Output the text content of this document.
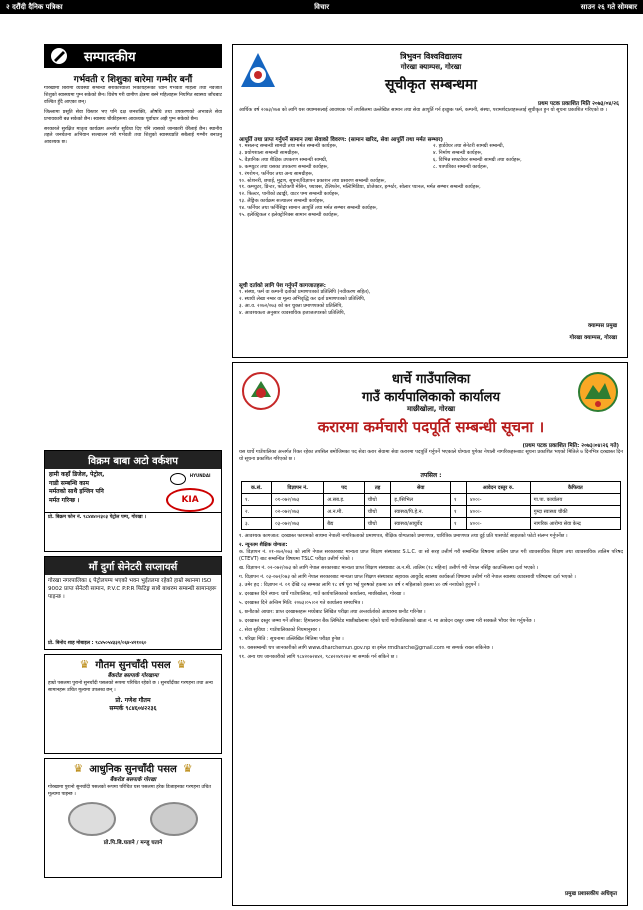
२ दरौंदी दैनिक पत्रिका	विचार	साउन २६ गते सोमबार
सम्पादकीय
गर्भवती र शिशुका बारेमा गम्भीर बनौं

गोरखामा बिरामी व्यवस्था सम्बन्धी सरोकारवाला निकायहरूको ध्यान गर्भवती महिला तथा नवजात शिशुको स्वास्थ्यमा पुग्न सकेको छैन। विशेष गरी ग्रामीण क्षेत्रमा बस्ने महिलाहरू नियमित स्वास्थ्य जाँचबाट वञ्चित हुँदै आएका छन्।

जिल्लामा प्रसूति सेवा विस्तार भए पनि दक्ष जनशक्ति, औषधि तथा उपकरणको अभावले सेवा प्रभावकारी बन्न सकेको छैन। स्वास्थ्य चौकीहरूमा आवश्यक पूर्वाधार अझै पुग्न सकेको छैन।

सरकारले सुरक्षित मातृत्व कार्यक्रम अन्तर्गत सुविधा दिए पनि त्यसको जानकारी धेरैलाई छैन। स्थानीय तहले जनचेतना अभियान सञ्चालन गरी गर्भवती तथा शिशुको स्वास्थ्यप्रति सबैलाई गम्भीर बनाउनु आवश्यक छ।

विक्रम बाबा अटो वर्कशप
हामी कहाँ डिजेल, पेट्रोल,
गाडी सम्बन्धि काम
मर्मतको साथै इन्जिन पनि
मर्मत गरिन्छ ।
HYUNDAI
KIA
प्रो. बिक्रम फोन नं. ९८४४४०२३०३ पेट्रोल पम्प, गोरखा ।
माँ दुर्गा सेनेटरी सप्लायर्स
गोरखा नगरपालिका ६ पेट्रोलपम्प भएको भवन भुईतलमा रहेको हाम्रो स्थानमा ISO 9002 प्राप्त सेनेटरी सामान, P.V.C P.P.R फिटिङ्ग साथै बाथरुम सम्बन्धी सामानहरू पाइन्छ ।
प्रो. बिनोद शाह मोबाइल : ९८४५०५४३३२/०६४-४२१०६०
♛ गौतम सुनचाँदी पसल ♛
बैंकरोड बसपार्क गोरखामा
हाम्रो पसलमा पुरानो सुनचाँदी पसलको रूपमा परिचित रहेको छ । सुनचाँदीका गरगहना तथा अन्य सामानहरू उचित मूल्यमा उपलब्ध छन् ।
प्रो. गणेश गौतम
सम्पर्क ९८४६०४२२३६
♛ आधुनिक सुनचाँदी पसल ♛
बैंकरोड बसपार्क गोरखा
गोरखामा पुरानो सुनचाँदी पसलको रूपमा परिचित यस पसलमा हरेक डिजाइनका गरगहना उचित मूल्यमा पाइन्छ ।
प्रो.पि.बि.घताने / मन्जु घताने
त्रिभुवन विश्वविद्यालय
गोरखा क्याम्पस, गोरखा
सूचीकृत सम्बन्धमा
प्रथम पटक प्रकाशित मिति २०७३/०४/२६
आर्थिक वर्ष २०७३/०७४ को लागि यस क्याम्पसलाई आवश्यक पर्ने तपसिलमा उल्लेखित सामान तथा सेवा आपूर्ति गर्न इच्छुक फर्म, कम्पनी, संस्था, परामर्शदाताहरूलाई सूचीकृत हुन यो सूचना प्रकाशित गरिएको छ ।
आपूर्ति तथा प्राप्त गर्नुपर्ने सामान तथा सेवाको विवरण: (सामान खरिद, सेवा आपूर्ति तथा मर्मत सम्भार)
१. मसलन्द सम्बन्धी सामग्री तथा मर्मत सम्बन्धी कार्यहरू,	२. हार्डवेयर तथा सेनेटरी सामग्री सम्बन्धी,
३. प्रयोगशाला सम्बन्धी सामग्रीहरू,	४. निर्माण सम्बन्धी कार्यहरू,
५. वैज्ञानिक तथा शैक्षिक उपकरण सम्बन्धी सामग्री,	६. विभिन्न सफ्टवेयर सम्बन्धी सामग्री तथा कार्यहरू,
७. कम्प्युटर तथा यसका उपकरण सम्बन्धी कार्यहरू,	८. पत्रपत्रिका सम्बन्धी कार्यहरू,
९. रंगरोगन, फर्निचर तथा अन्य सामग्रीहरू,
१०. स्टेशनरी, छपाई, मुद्रण, सूचना/विज्ञापन प्रकाशन तथा प्रसारण सम्बन्धी कार्यहरू,
११. कम्प्युटर, प्रिन्टर, फोटोकपी मेसिन, फ्याक्स, टेलिफोन, मल्टिमिडिया, प्रोजेक्टर, इन्भर्टर, सोलार प्यानल, मर्मत सम्भार सम्बन्धी कार्यहरू,
१२. फिल्टर, पानीको ट्याङ्की, वाटर पम्प सम्बन्धी कार्यहरू,
१३. लैङ्गिक कार्यक्रम सञ्चालन सम्बन्धी कार्यहरू,
१४. फर्निचर तथा फर्निसिङ्का सामान आपूर्ति तथा मर्मत सम्भार सम्बन्धी कार्यहरू,
१५. इलेक्ट्रिकल र इलेक्ट्रोनिक्स सामान सम्बन्धी कार्यहरू,
सूची दर्ताको लागि पेश गर्नुपर्ने कागजातहरू:
१. संस्था, फर्म वा कम्पनी दर्ताको प्रमाणपत्रको प्रतिलिपि (नवीकरण सहित),
२. स्थायी लेखा नम्बर वा मूल्य अभिवृद्धि कर दर्ता प्रमाणपत्रको प्रतिलिपि,
३. आ.व. २०७२/०७३ को कर चुक्ता प्रमाणपत्रको प्रतिलिपि,
४. आवश्यकता अनुसार व्यवसायिक इजाजतपत्रको प्रतिलिपि,
क्याम्पस प्रमुख
गोरखा क्याम्पस, गोरखा
धार्चे गाउँपालिका
गाउँ कार्यपालिकाको कार्यालय
माछीखोला, गोरखा
करारमा कर्मचारी पदपूर्ति सम्बन्धी सूचना ।
(प्रथम पटक प्रकाशित मिति: २०७३।०४।२६ गते)
यस धार्चे गाउँपालिका अन्तर्गत रिक्त रहेका तपसिल बमोजिमका पद सेवा करार सेवामा सेवा करारमा पदपूर्ति गर्नुपर्ने भएकाले योग्यता पुगेका नेपाली नागरिकहरूबाट सूचना प्रकाशित भएको मितिले ७ दिनभित्र दरखास्त दिन यो सूचना प्रकाशित गरिएको छ ।
तपसिल :
क.सं.	विज्ञापन नं.	पद	तह	सेवा		आवेदन दस्तुर रु.	कैफियत
१.	०१-०७२/०७३	अ.सब.इ.	चौथो	इ./सिभिल	१	४००।-	गा.पा. कार्यालय
२.	०२-०७२/०७३	अ.न.मी.	चौथो	स्वास्थ्य/पि.हे.न.	१	४००।-	गुम्दा स्वास्थ्य चौकी
३.	०३-०७२/०७३	बैद्य	चौथो	स्वास्थ्य/आयुर्वेद	१	४००।-	नागरिक आरोग्य सेवा केन्द्र
१. आवश्यक कागजात: दरखास्त फारामको साथमा नेपाली नागरिकताको प्रमाणपत्र, शैक्षिक योग्यताको प्रमाणपत्र, चारित्रिक प्रमाणपत्र तथा दुई प्रति पासपोर्ट साइजको फोटो संलग्न गर्नुपर्नेछ ।
२. न्यूनतम शैक्षिक योग्यता:
क. विज्ञापन नं. ०१-०७२/०७३ को लागि नेपाल सरकारबाट मान्यता प्राप्त शिक्षण संस्थाबाट S.L.C. वा सो सरह उत्तीर्ण गरी सम्बन्धित विषयमा तालिम प्राप्त गरी व्यावसायिक शिक्षण तथा व्यावसायिक तालिम परिषद (CTEVT) बाट सम्बन्धित विषयमा TSLC परीक्षा उत्तीर्ण गरेको ।
ख. विज्ञापन नं. ०२-०७२/०७३ को लागि नेपाल सरकारबाट मान्यता प्राप्त शिक्षण संस्थाबाट अ.न.मी. तालिम (१८ महिना) उत्तीर्ण गरी नेपाल नर्सिङ्ग काउन्सिलमा दर्ता भएको ।
ग. विज्ञापन नं. ०३-०७२/०७३ को लागि नेपाल सरकारबाट मान्यता प्राप्त शिक्षण संस्थाबाट सहायक आयुर्वेद स्वास्थ्य कार्यकर्ता विषयमा उत्तीर्ण गरी नेपाल स्वास्थ्य व्यावसायी परिषदमा दर्ता भएको ।
३. उमेर हद : विज्ञापन नं. ०१ देखि ०३ सम्मका लागि १८ वर्ष पूरा भई पुरुषको हकमा ४० वर्ष र महिलाको हकमा ४० वर्ष ननाघेको हुनुपर्ने ।
४. दरखास्त दिने स्थान: धार्चे गाउँपालिका, गाउँ कार्यपालिकाको कार्यालय, माछीखोला, गोरखा ।
५. दरखास्त दिने अन्तिम मिति: २०७३।०५।०२ गते कार्यालय समयभित्र ।
६. छनौटको आधार: प्राप्त दरखास्तहरू मध्येबाट लिखित परीक्षा तथा अन्तर्वार्ताको आधारमा छनौट गरिनेछ ।
७. दरखास्त दस्तुर जम्मा गर्ने तरिका: हिमालयन बैंक लिमिटेड माछीखोलामा रहेको धार्चे गाउँपालिकाको खाता नं. मा आवेदन दस्तुर जम्मा गरी सक्कलै भौचर पेश गर्नुपर्नेछ ।
८. सेवा सुविधा : गाउँपालिकाको नियमानुसार ।
९. परिक्षा मिति : सूचनामा उल्लिखित मितिमा परीक्षा हुनेछ ।
१०. यससम्बन्धी थप जानकारीको लागि www.dharchemun.gov.np वा इमेल rmdharche@gmail.com मा सम्पर्क राख्न सकिनेछ ।
११. अन्य थप जानकारीको लागि ९८४२०७२४४२, ९८४२०४१२४२ मा सम्पर्क गर्न सकिने छ ।
प्रमुख प्रशासकीय अधिकृत
